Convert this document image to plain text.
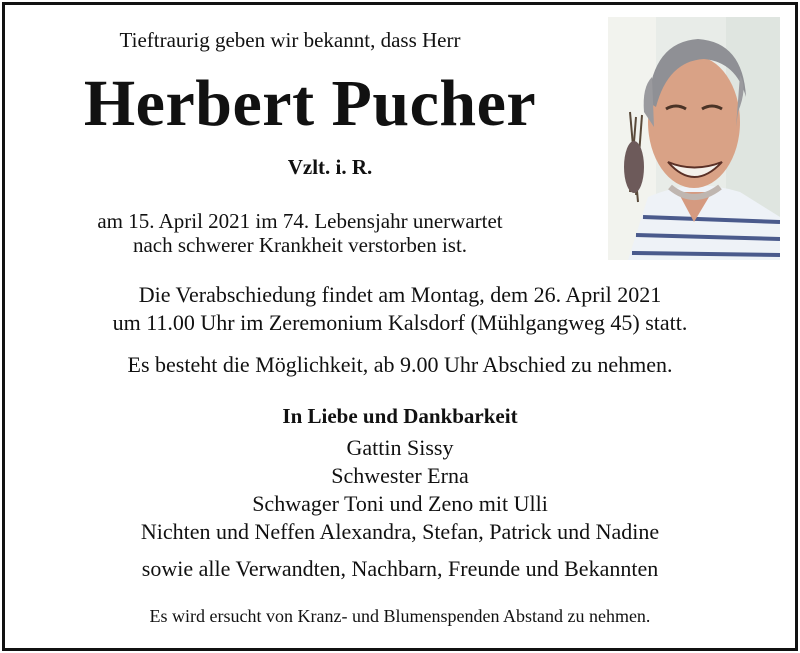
Tieftraurig geben wir bekannt, dass Herr
Herbert Pucher
Vzlt. i. R.
am 15. April 2021 im 74. Lebensjahr unerwartet
nach schwerer Krankheit verstorben ist.
Die Verabschiedung findet am Montag, dem 26. April 2021
um 11.00 Uhr im Zeremonium Kalsdorf (Mühlgangweg 45) statt.
Es besteht die Möglichkeit, ab 9.00 Uhr Abschied zu nehmen.
In Liebe und Dankbarkeit
Gattin Sissy
Schwester Erna
Schwager Toni und Zeno mit Ulli
Nichten und Neffen Alexandra, Stefan, Patrick und Nadine
sowie alle Verwandten, Nachbarn, Freunde und Bekannten
Es wird ersucht von Kranz- und Blumenspenden Abstand zu nehmen.
